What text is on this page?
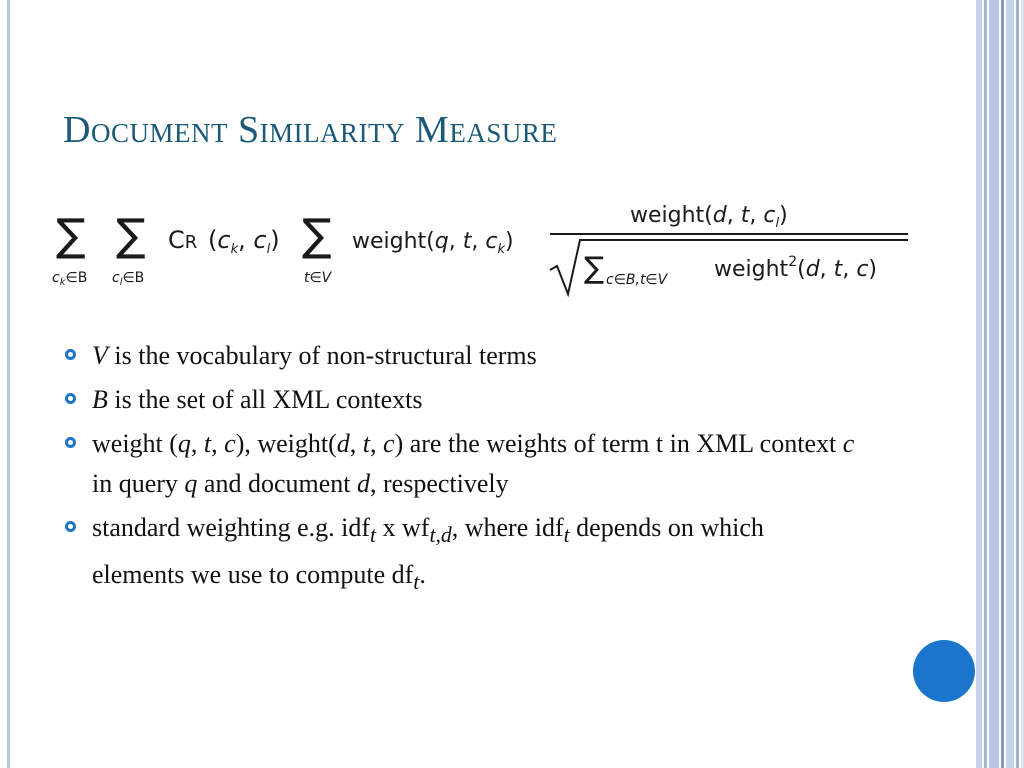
Document Similarity Measure
∑
$c_k\in B$
∑
$c_l\in B$
CR ($c_k$, $c_l$) ∑
t∈V
weight(q, t, $c_k$)
weight(d, t, $c_l$)
∑ c∈B,t∈V weight$^2$(d, t, c)
V is the vocabulary of non-structural terms
B is the set of all XML contexts
weight (q, t, c), weight(d, t, c) are the weights of term t in XML context c in query q and document d, respectively
standard weighting e.g. idf$_t$ x $wf_{t,d}$, where idf$_t$ depends on which elements we use to compute $df_t$.
